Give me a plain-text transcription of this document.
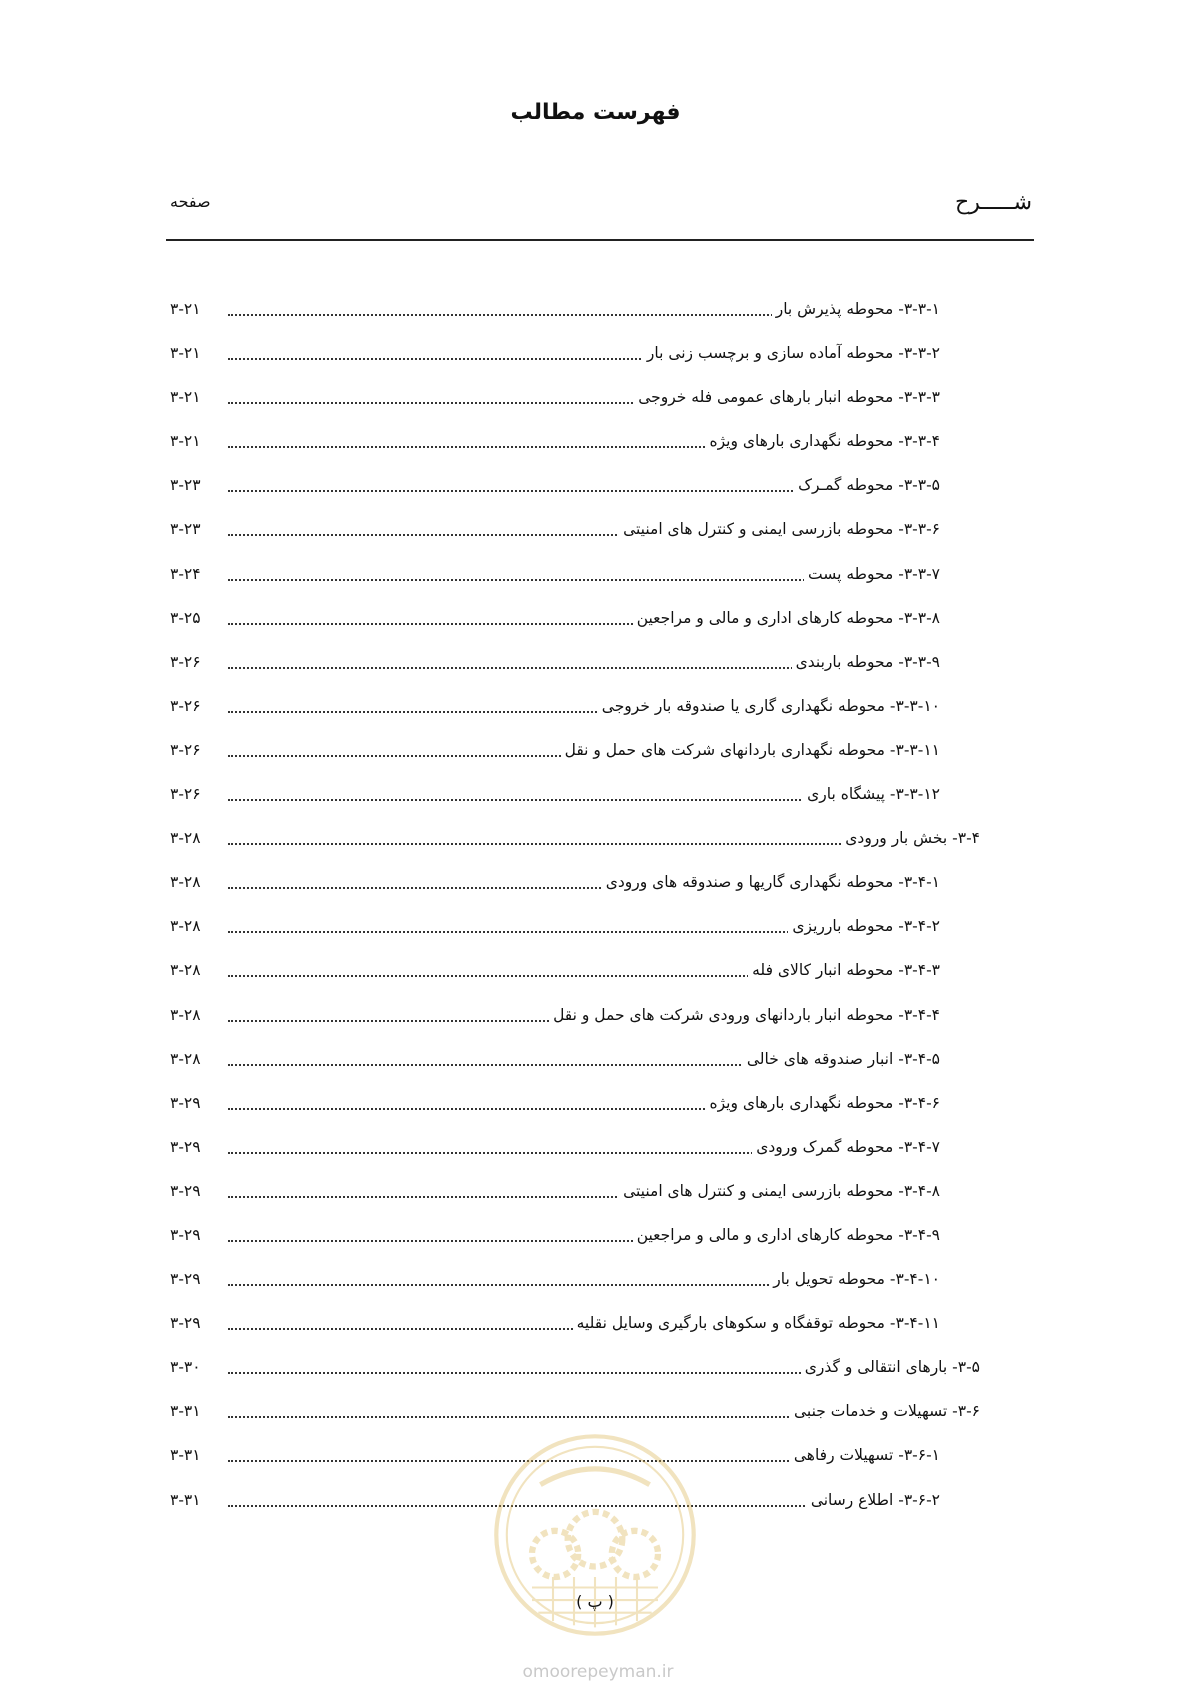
فهرست مطالب
شـــــرح
صفحه
۳-۲۱	۳-۳-۱- محوطه پذیرش بار
۳-۲۱	۳-۳-۲- محوطه آماده سازی و برچسب زنی بار
۳-۲۱	۳-۳-۳- محوطه انبار بارهای عمومی فله خروجی
۳-۲۱	۳-۳-۴- محوطه نگهداری بارهای ویژه
۳-۲۳	۳-۳-۵- محوطه گمـرک
۳-۲۳	۳-۳-۶- محوطه بازرسی ایمنی و کنترل های امنیتی
۳-۲۴	۳-۳-۷- محوطه پست
۳-۲۵	۳-۳-۸- محوطه کارهای اداری و مالی و مراجعین
۳-۲۶	۳-۳-۹- محوطه باربندی
۳-۲۶	۳-۳-۱۰- محوطه نگهداری گاری یا صندوقه بار خروجی
۳-۲۶	۳-۳-۱۱- محوطه نگهداری باردانهای شرکت های حمل و نقل
۳-۲۶	۳-۳-۱۲- پیشگاه باری
۳-۲۸	۳-۴- بخش بار ورودی
۳-۲۸	۳-۴-۱- محوطه نگهداری گاریها و صندوقه های ورودی
۳-۲۸	۳-۴-۲- محوطه بارریزی
۳-۲۸	۳-۴-۳- محوطه انبار کالای فله
۳-۲۸	۳-۴-۴- محوطه انبار باردانهای ورودی شرکت های حمل و نقل
۳-۲۸	۳-۴-۵- انبار صندوقه های خالی
۳-۲۹	۳-۴-۶- محوطه نگهداری بارهای ویژه
۳-۲۹	۳-۴-۷- محوطه گمرک ورودی
۳-۲۹	۳-۴-۸- محوطه بازرسی ایمنی و کنترل های امنیتی
۳-۲۹	۳-۴-۹- محوطه کارهای اداری و مالی و مراجعین
۳-۲۹	۳-۴-۱۰- محوطه تحویل بار
۳-۲۹	۳-۴-۱۱- محوطه توقفگاه و سکوهای بارگیری وسایل نقلیه
۳-۳۰	۳-۵- بارهای انتقالی و گذری
۳-۳۱	۳-۶- تسهیلات و خدمات جنبی
۳-۳۱	۳-۶-۱- تسهیلات رفاهی
۳-۳۱	۳-۶-۲- اطلاع رسانی
( پ )
omoorepeyman.ir
